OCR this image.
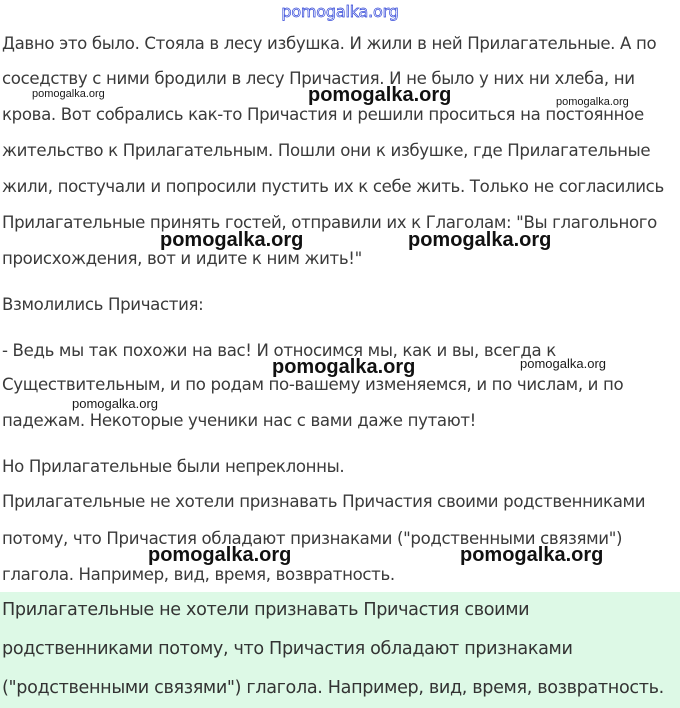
pomogalka.org
Давно это было. Стояла в лесу избушка. И жили в ней Прилагательные. А по
соседству с ними бродили в лесу Причастия. И не было у них ни хлеба, ни
крова. Вот собрались как-то Причастия и решили проситься на постоянное
жительство к Прилагательным. Пошли они к избушке, где Прилагательные
жили, постучали и попросили пустить их к себе жить. Только не согласились
Прилагательные принять гостей, отправили их к Глаголам: "Вы глагольного
происхождения, вот и идите к ним жить!"
Взмолились Причастия:
- Ведь мы так похожи на вас! И относимся мы, как и вы, всегда к
Существительным, и по родам по-вашему изменяемся, и по числам, и по
падежам. Некоторые ученики нас с вами даже путают!
Но Прилагательные были непреклонны.
Прилагательные не хотели признавать Причастия своими родственниками
потому, что Причастия обладают признаками ("родственными связями")
глагола. Например, вид, время, возвратность.
Прилагательные не хотели признавать Причастия своими
родственниками потому, что Причастия обладают признаками
("родственными связями") глагола. Например, вид, время, возвратность.
pomogalka.org	pomogalka.org	pomogalka.org
pomogalka.org	pomogalka.org
pomogalka.org	pomogalka.org
pomogalka.org
pomogalka.org	pomogalka.org
